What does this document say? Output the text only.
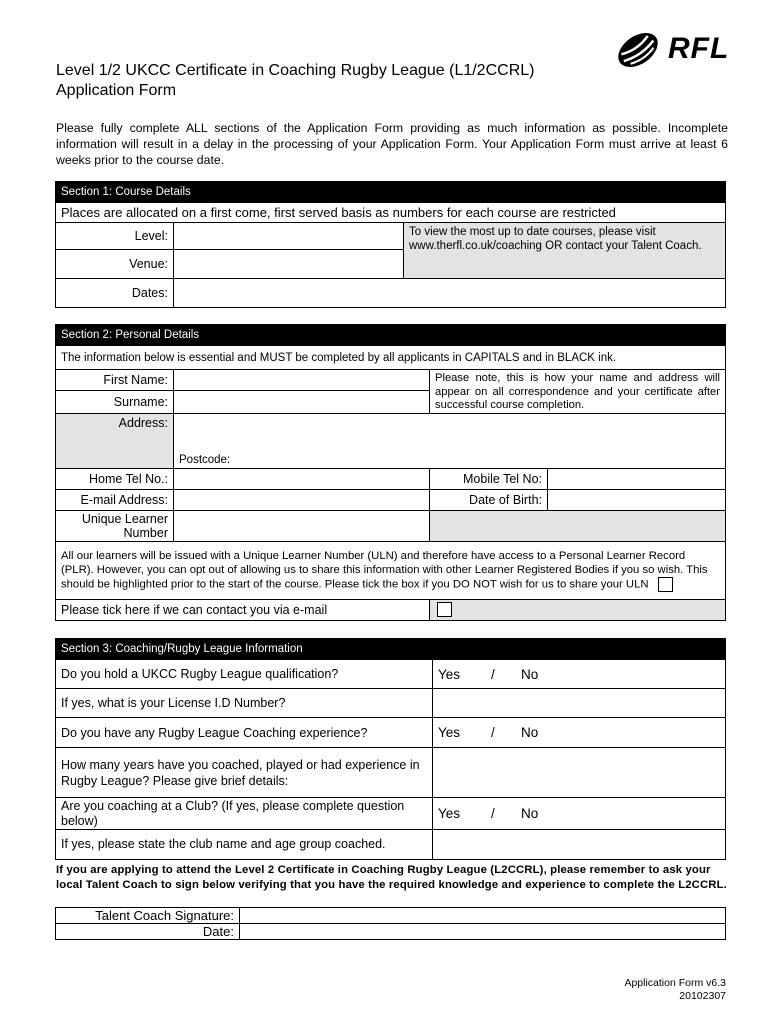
RFL
Level 1/2 UKCC Certificate in Coaching Rugby League (L1/2CCRL)
Application Form
Please fully complete ALL sections of the Application Form providing as much information as possible. Incomplete information will result in a delay in the processing of your Application Form. Your Application Form must arrive at least 6 weeks prior to the course date.
Section 1: Course Details		
Places are allocated on a first come, first served basis as numbers for each course are restricted		
Level:		To view the most up to date courses, please visit www.therfl.co.uk/coaching OR contact your Talent Coach.
Venue:		
Dates:		
Section 2: Personal Details			
The information below is essential and MUST be completed by all applicants in CAPITALS and in BLACK ink.			
First Name:		Please note, this is how your name and address will appear on all correspondence and your certificate after successful course completion.	
Surname:			
Address:	Postcode:		
Home Tel No.:		Mobile Tel No:	
E-mail Address:		Date of Birth:	
Unique Learner Number			
All our learners will be issued with a Unique Learner Number (ULN) and therefore have access to a Personal Learner Record (PLR). However, you can opt out of allowing us to share this information with other Learner Registered Bodies if you so wish. This should be highlighted prior to the start of the course. Please tick the box if you DO NOT wish for us to share your ULN			
Please tick here if we can contact you via e-mail			
Section 3: Coaching/Rugby League Information	
Do you hold a UKCC Rugby League qualification?	Yes / No

If yes, what is your License I.D Number?	
Do you have any Rugby League Coaching experience?	Yes / No

How many years have you coached, played or had experience in Rugby League? Please give brief details:	
Are you coaching at a Club? (If yes, please complete question below)	Yes / No

If yes, please state the club name and age group coached.	
If you are applying to attend the Level 2 Certificate in Coaching Rugby League (L2CCRL), please remember to ask your local Talent Coach to sign below verifying that you have the required knowledge and experience to complete the L2CCRL.
Talent Coach Signature:	
Date:	
Application Form v6.3
20102307
